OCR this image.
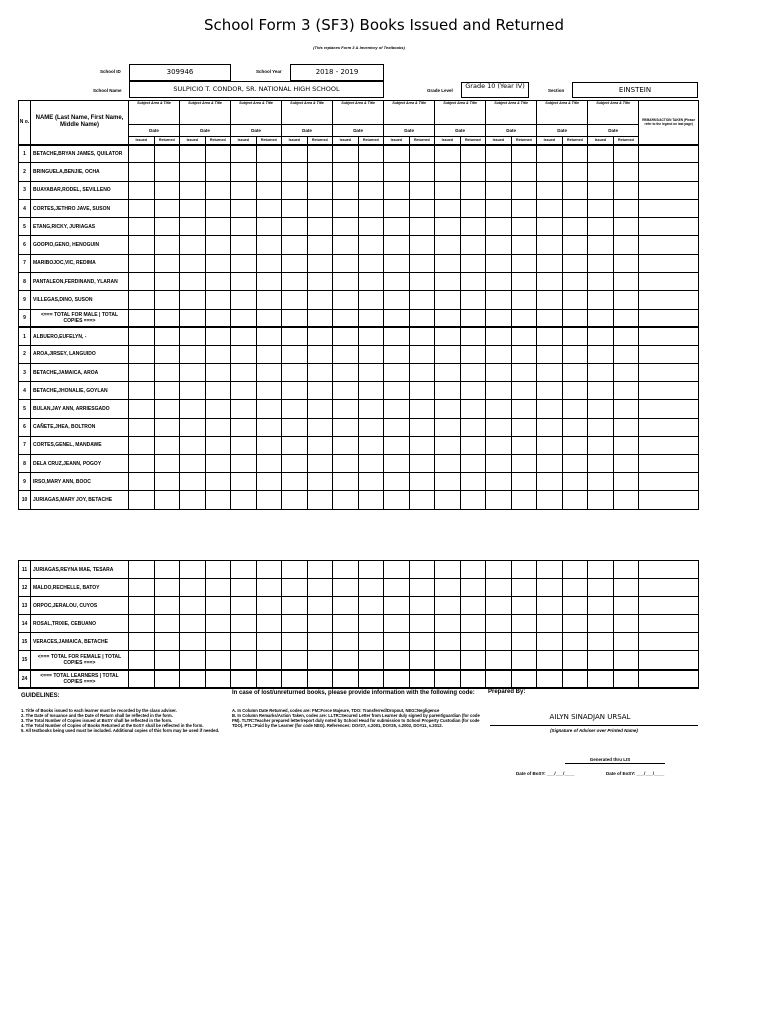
School Form 3 (SF3) Books Issued and Returned
(This replaces Form 3 & Inventory of Textbooks)
School ID	309946	School Year	2018 - 2019
School Name	SULPICIO T. CONDOR, SR. NATIONAL HIGH SCHOOL	Grade Level
Grade 10 (Year IV)
Section	EINSTEIN
N o.	NAME (Last Name, First Name, Middle Name)	Subject Area & Title		Subject Area & Title		Subject Area & Title		Subject Area & Title		Subject Area & Title		Subject Area & Title		Subject Area & Title		Subject Area & Title		Subject Area & Title		Subject Area & Title		REMARKS/ACTION TAKEN (Please refer to the legend on last page)
		Date		Date		Date		Date		Date		Date		Date		Date		Date		Date		
		Issued	Returned	Issued	Returned	Issued	Returned	Issued	Returned	Issued	Returned	Issued	Returned	Issued	Returned	Issued	Returned	Issued	Returned	Issued	Returned	
1	BETACHE,BRYAN JAMES, QUILATOR																					
2	BRINGUELA,BENJIE, OCHA																					
3	BUAYABAR,RODEL, SEVILLENO																					
4	CORTES,JETHRO JAVE, SUSON																					
5	ETANG,RICKY, JURIAGAS																					
6	GOOPIO,GENO, HENOGUIN																					
7	MARIBOJOC,VIC, REDIMA																					
8	PANTALEON,FERDINAND, YLARAN																					
9	VILLEGAS,DINO, SUSON																					
9	<=== TOTAL FOR MALE | TOTAL COPIES ===>																					
1	ALBUERO,EUFELYN, -																					
2	AROA,JIRSEY, LANGUIDO																					
3	BETACHE,JAMAICA, AROA																					
4	BETACHE,JHONALIE, GOYLAN																					
5	BULAN,JAY ANN, ARRIESGADO																					
6	CAÑETE,JHEA, BOLTRON																					
7	CORTES,GENEL, MANDAWE																					
8	DELA CRUZ,JEANN, POGOY																					
9	IRSO,MARY ANN, BOOC																					
10	JURIAGAS,MARY JOY, BETACHE																					
11	JURIAGAS,REYNA MAE, TESARA																					
12	MALDO,RECHELLE, BATOY																					
13	ORPOC,JERALOU, CUYOS																					
14	ROSAL,TRIXIE, CEBUANO																					
15	VERACES,JAMAICA, BETACHE																					
15	<=== TOTAL FOR FEMALE | TOTAL COPIES ===>																					
24	<=== TOTAL LEARNERS | TOTAL COPIES ===>																					
GUIDELINES:
1. Title of Books issued to each learner must be recorded by the class adviser.
2. The Date of Issuance and the Date of Return shall be reflected in the form.
3. The Total Number of Copies issued at BoSY shall be reflected in the form.
4. The Total Number of Copies of Books Returned at the EoSY shall be reflected in the form.
5. All textbooks being used must be included. Additional copies of this form may be used if needed.
In case of lost/unreturned books, please provide information with the following code:
A. In Column Date Returned, codes are: FM=Force Majeure, TDO: Transferred/Dropout, NEG=Negligence
B. In Column Remarks/Action Taken, codes are: LLTR=Secured Letter from Learner duly signed by parent/guardian (for code FM). TLTR=Teacher prepared letter/report duly noted by School Head for submission to School Property Custodian (for code TDO). PTL=Paid by the Learner (for code NEG). References: DO#27, s.2001, DO#25, s.2002, DO#11, s.2012.
Prepared By:
AILYN SINADJAN URSAL
(Signature of Adviser over Printed Name)
Generated thru LIS
Date of BoSY: ___/___/____	Date of EoSY: ___/___/____
